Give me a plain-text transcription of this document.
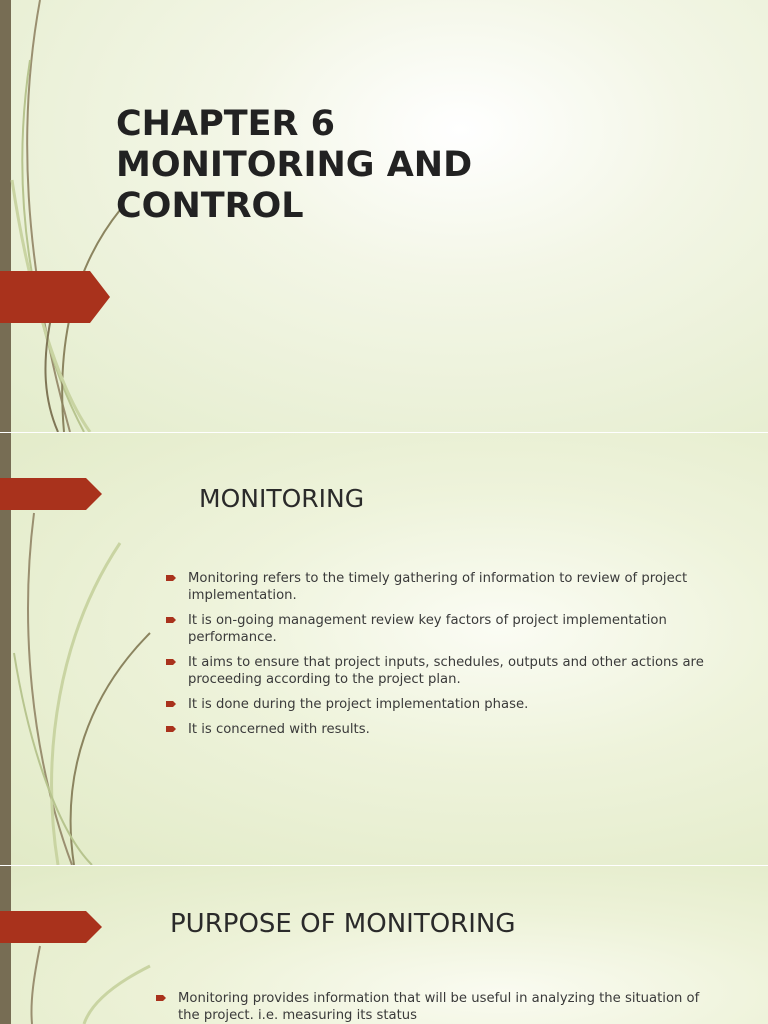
CHAPTER 6
MONITORING AND
CONTROL
MONITORING
Monitoring refers to the timely gathering of information to review of project implementation.
It is on-going management review key factors of project implementation performance.
It aims to ensure that project inputs, schedules, outputs and other actions are proceeding according to the project plan.
It is done during the project implementation phase.
It is concerned with results.
PURPOSE OF MONITORING
Monitoring provides information that will be useful in analyzing the situation of the project. i.e. measuring its status
